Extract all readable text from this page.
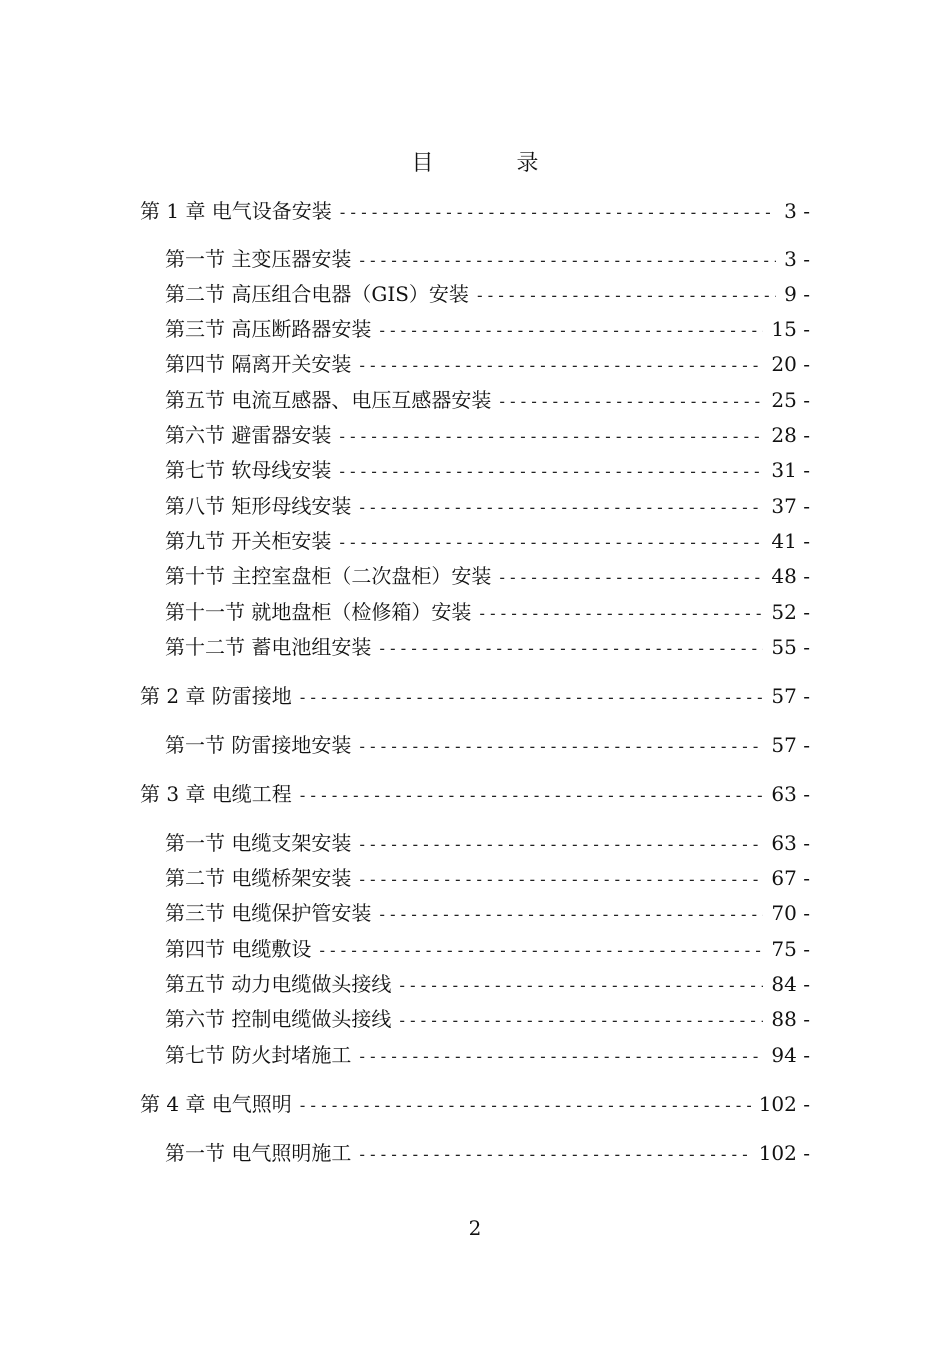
目 录
第 1 章 电气设备安装 -----	3 -
第一节 主变压器安装 -----	3 -
第二节 高压组合电器（GIS）安装 -----	9 -
第三节 高压断路器安装 -----	15 -
第四节 隔离开关安装 -----	20 -
第五节 电流互感器、电压互感器安装 -----	25 -
第六节 避雷器安装 -----	28 -
第七节 软母线安装 -----	31 -
第八节 矩形母线安装 -----	37 -
第九节 开关柜安装 -----	41 -
第十节 主控室盘柜（二次盘柜）安装 -----	48 -
第十一节 就地盘柜（检修箱）安装 -----	52 -
第十二节 蓄电池组安装 -----	55 -
第 2 章 防雷接地 -----	57 -
第一节 防雷接地安装 -----	57 -
第 3 章 电缆工程 -----	63 -
第一节 电缆支架安装 -----	63 -
第二节 电缆桥架安装 -----	67 -
第三节 电缆保护管安装 -----	70 -
第四节 电缆敷设 -----	75 -
第五节 动力电缆做头接线 -----	84 -
第六节 控制电缆做头接线 -----	88 -
第七节 防火封堵施工 -----	94 -
第 4 章 电气照明 -----	102 -
第一节 电气照明施工 -----	102 -
2
